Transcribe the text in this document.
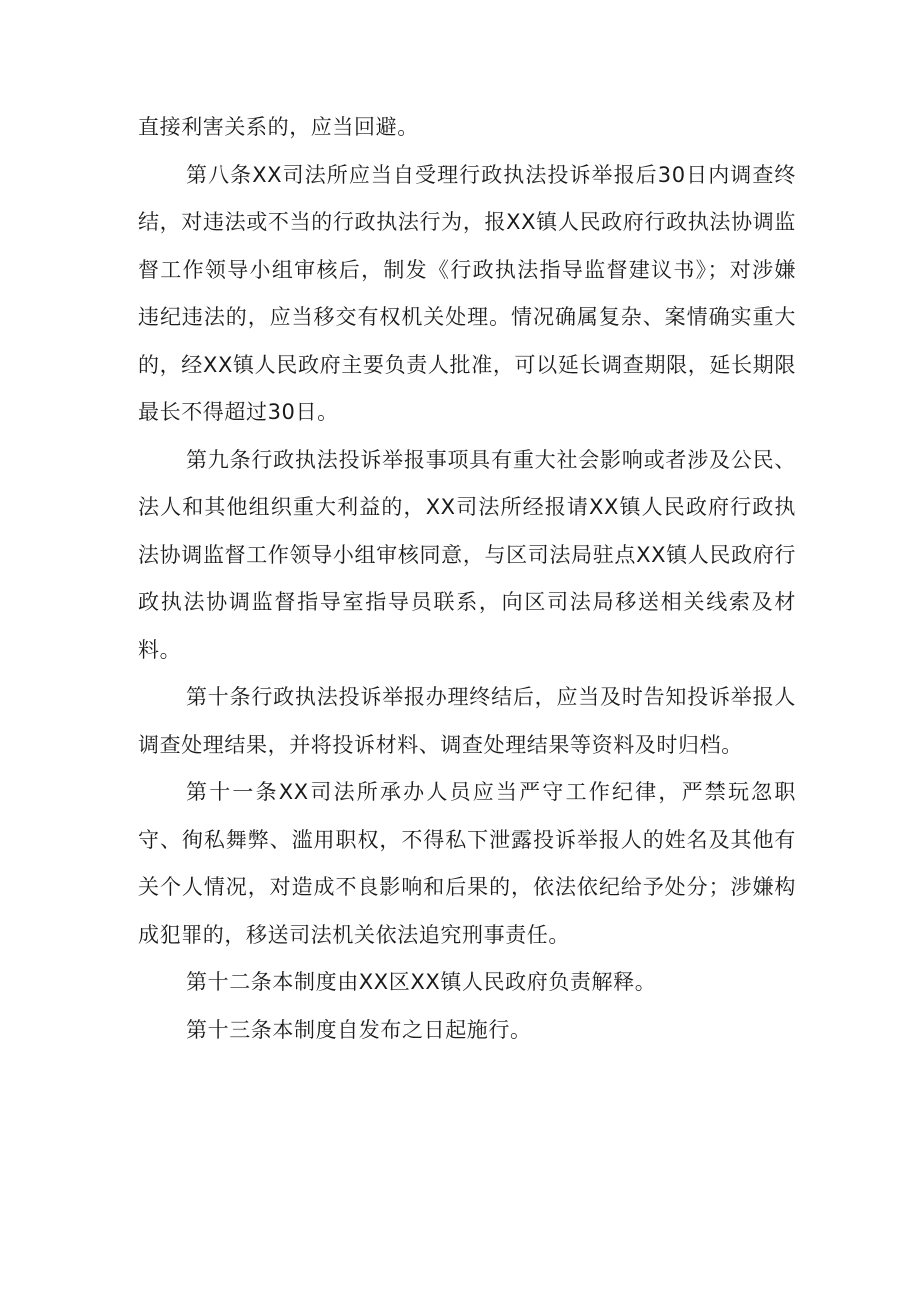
直接利害关系的，应当回避。

第八条XX司法所应当自受理行政执法投诉举报后30日内调查终结，对违法或不当的行政执法行为，报XX镇人民政府行政执法协调监督工作领导小组审核后，制发《行政执法指导监督建议书》；对涉嫌违纪违法的，应当移交有权机关处理。情况确属复杂、案情确实重大的，经XX镇人民政府主要负责人批准，可以延长调查期限，延长期限最长不得超过30日。

第九条行政执法投诉举报事项具有重大社会影响或者涉及公民、法人和其他组织重大利益的，XX司法所经报请XX镇人民政府行政执法协调监督工作领导小组审核同意，与区司法局驻点XX镇人民政府行政执法协调监督指导室指导员联系，向区司法局移送相关线索及材料。

第十条行政执法投诉举报办理终结后，应当及时告知投诉举报人调查处理结果，并将投诉材料、调查处理结果等资料及时归档。

第十一条XX司法所承办人员应当严守工作纪律，严禁玩忽职守、徇私舞弊、滥用职权，不得私下泄露投诉举报人的姓名及其他有关个人情况，对造成不良影响和后果的，依法依纪给予处分；涉嫌构成犯罪的，移送司法机关依法追究刑事责任。

第十二条本制度由XX区XX镇人民政府负责解释。

第十三条本制度自发布之日起施行。
